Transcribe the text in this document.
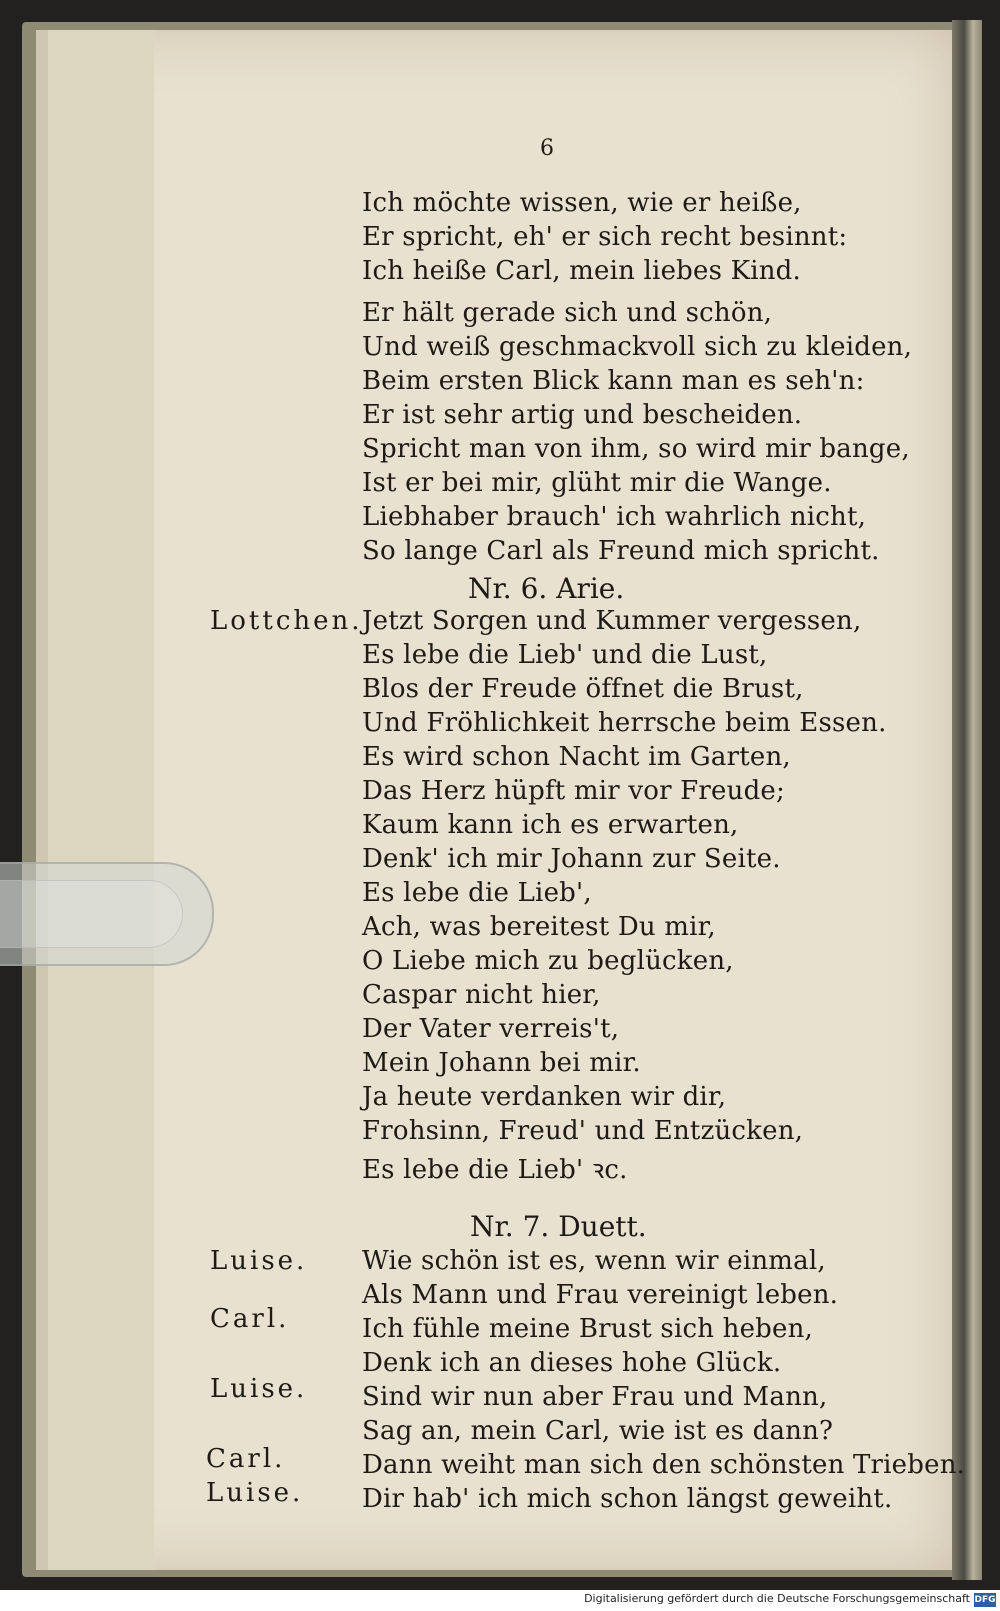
6
Ich möchte wissen, wie er heiße,
Er spricht, eh' er sich recht besinnt:
Ich heiße Carl, mein liebes Kind.
Er hält gerade sich und schön,
Und weiß geschmackvoll sich zu kleiden,
Beim ersten Blick kann man es seh'n:
Er ist sehr artig und bescheiden.
Spricht man von ihm, so wird mir bange,
Ist er bei mir, glüht mir die Wange.
Liebhaber brauch' ich wahrlich nicht,
So lange Carl als Freund mich spricht.
Nr. 6. Arie.
Lottchen. Jetzt Sorgen und Kummer vergessen,
Es lebe die Lieb' und die Lust,
Blos der Freude öffnet die Brust,
Und Fröhlichkeit herrsche beim Essen.
Es wird schon Nacht im Garten,
Das Herz hüpft mir vor Freude;
Kaum kann ich es erwarten,
Denk' ich mir Johann zur Seite.
Es lebe die Lieb',
Ach, was bereitest Du mir,
O Liebe mich zu beglücken,
Caspar nicht hier,
Der Vater verreis't,
Mein Johann bei mir.
Ja heute verdanken wir dir,
Frohsinn, Freud' und Entzücken,
Es lebe die Lieb' ꝛc.
Nr. 7. Duett.
Luise. Wie schön ist es, wenn wir einmal,
Als Mann und Frau vereinigt leben.
Carl.	Ich fühle meine Brust sich heben,
Denk ich an dieses hohe Glück.
Luise. Sind wir nun aber Frau und Mann,
Sag an, mein Carl, wie ist es dann?
Carl.	Dann weiht man sich den schönsten Trieben.
Luise. Dir hab' ich mich schon längst geweiht.
Digitalisierung gefördert durch die Deutsche Forschungsgemeinschaft DFG
